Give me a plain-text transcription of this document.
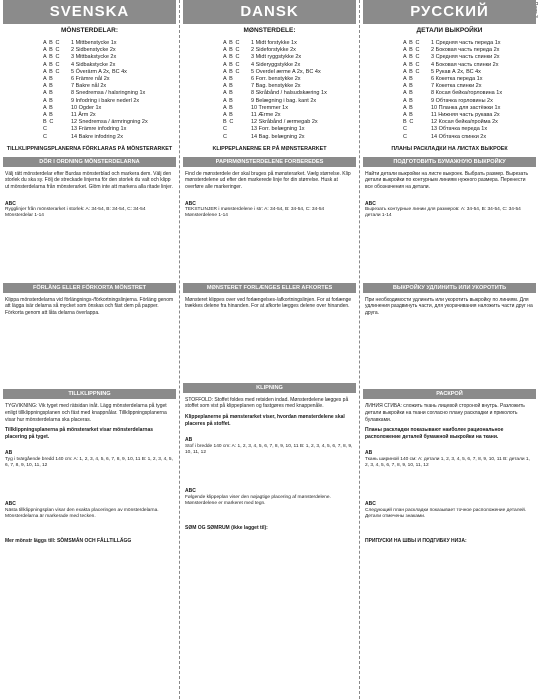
SVENSKA
MÖNSTERDELAR:
A B C	1 Mittbenstycke 1x
A B C	2 Sidbenstycke 2x
A B C	3 Mittbakstycke 2x
A B C	4 Sidbakstycke 2x
A B C	5 Överärm A 2x, BC 4x
A B	6 Främre nål 2x
A B	7 Bakre nål 2x
A B	8 Snedremsa / halsringning 1x
A B	9 Infodring i bakre nederl 2x
A B	10 Ogder 1x
A B	11 Ärm 2x
B C	12 Snedremsa / ärmringning 2x
C	13 Främre infodring 1x
C	14 Bakre infodring 2x
TILLKLIPPNINGSPLANERNA FÖRKLARAS PÅ MÖNSTERARKET
DÖR I ORDNING MÖNSTERDELARNA
Välj rätt mönsterdelar efter Burdas mönsterblad och markera dem. Välj den storlek du ska sy. Följ de streckade linjerna för den storlek du valt och klipp ut mönsterdelarna från mönsterarket. Glöm inte att markera alla ritade linjer.
ABC
Rygglinjer från mönsterarket i storlek: A: 34-54, B: 34-54, C: 34-54 Mönsterdelar 1-14
FÖRLÄNG ELLER FÖRKORTA MÖNSTRET
Klippa mönsterdelarna vid förlängnings-/förkortningslinjerna. Förläng genom att lägga isär delarna så mycket som önskas och fäst dem på papper. Förkorta genom att låta delarna överlappa.
TILLKLIPPNING
TYGVIKNING: Vik tyget med rätsidan inåt. Lägg mönsterdelarna på tyget enligt tillklippningsplanen och fäst med knappnålar. Tillklippningsplanerna visar hur mönsterdelarna ska placeras.
Tillklippningsplanerna på mönsterarket visar mönsterdelarnas placering på tyget.
AB
Tyg i tvärgående bredd 140 cm: A: 1, 2, 3, 4, 5, 6, 7, 8, 9, 10, 11 B: 1, 2, 3, 4, 5, 6, 7, 8, 9, 10, 11, 12
ABC
Nästa tillklippningsplan visar den exakta placeringen av mönsterdelarna. Mönsterdelarna är markerade med tecken.
Mer mönstr läggs till: SÖMSMÅN OCH FÅLLTILLÄGG
DANSK
MØNSTERDELE:
A B C	1 Midt forstykke 1x
A B C	2 Sideforstykke 2x
A B C	3 Midt ryggstykke 2x
A B C	4 Sideryggstykke 2x
A B C	5 Overdel ærme A 2x, BC 4x
A B	6 Forr. benstykke 2x
A B	7 Bag. benstykke 2x
A B	8 Skråbånd / halsudskæring 1x
A B	9 Belægning i bag. kant 2x
A B	10 Tremmer 1x
A B	11 Ærme 2x
B C	12 Skråbånd / ærmegab 2x
C	13 Forr. belægning 1x
C	14 Bag. belægning 2x
KLIPPEPLANERNE ER PÅ MØNSTERARKET
PAPIRMØNSTERDELENE FORBEREDES
Find de mønsterdele der skal bruges på mønsterarket. Vælg størrelse. Klip mønsterdelene ud efter den markerede linje for din størrelse. Husk at overføre alle markeringer.
ABC
TEKSTLINJER i mønsterdelene i str: A: 34-54, B: 34-54, C: 34-54 Mønsterdelene 1-14
MØNSTERET FORLÆNGES ELLER AFKORTES
Mønsteret klippes over ved forlængelses-/afkortningslinjen. For at forlænge trækkes delene fra hinanden. For at afkorte lægges delene over hinanden.
KLIPNING
STOFFOLD: Stoffet foldes med retsiden indad. Mønsterdelene lægges på stoffet som vist på klippeplanen og fastgøres med knappenåle.
Klippeplanerne på mønsterarket viser, hvordan mønsterdelene skal placeres på stoffet.
AB
Stof i bredde 140 cm: A: 1, 2, 3, 4, 5, 6, 7, 8, 9, 10, 11 B: 1, 2, 3, 4, 5, 6, 7, 8, 9, 10, 11, 12
ABC
Følgende klippeplan viser den nøjagtige placering af mønsterdelene. Mønsterdelene er markeret med tegn.
SØM OG SØMRUM (ikke lagget til):
РУССКИЙ
ДЕТАЛИ ВЫКРОЙКИ
A B C	1 Средняя часть переда 1x
A B C	2 Боковая часть переда 2x
A B C	3 Средняя часть спинки 2x
A B C	4 Боковая часть спинки 2x
A B C	5 Рукав А 2x, ВС 4x
A B	6 Кокетка переда 1x
A B	7 Кокетка спинки 2x
A B	8 Косая бейка/горловина 1x
A B	9 Обтачка горловины 2x
A B	10 Планка для застёжки 1x
A B	11 Нижняя часть рукава 2x
B C	12 Косая бейка/пройма 2x
C	13 Обтачка переда 1x
C	14 Обтачка спинки 2x
ПЛАНЫ РАСКЛАДКИ НА ЛИСТАХ ВЫКРОЕК
ПОДГОТОВИТЬ БУМАЖНУЮ ВЫКРОЙКУ
Найти детали выкройки на листе выкроек. Выбрать размер. Вырезать детали выкройки по контурным линиям нужного размера. Перенести все обозначения на детали.
ABC
Вырезать контурные линии для размеров: A: 34-54, B: 34-54, C: 34-54 детали 1-14
ВЫКРОЙКУ УДЛИНИТЬ ИЛИ УКОРОТИТЬ
При необходимости удлинить или укоротить выкройку по линиям. Для удлинения раздвинуть части, для укорачивания наложить части друг на друга.
РАСКРОЙ
ЛИНИЯ СГИБА: сложить ткань лицевой стороной внутрь. Разложить детали выкройки на ткани согласно плану раскладки и приколоть булавками.
Планы раскладки показывают наиболее рациональное расположение деталей бумажной выкройки на ткани.
AB
Ткань шириной 140 см: A: детали 1, 2, 3, 4, 5, 6, 7, 8, 9, 10, 11 B: детали 1, 2, 3, 4, 5, 6, 7, 8, 9, 10, 11, 12
ABC
Следующий план раскладки показывает точное расположение деталей. Детали отмечены знаками.
ПРИПУСКИ НА ШВЫ И ПОДГИБКУ НИЗА:
